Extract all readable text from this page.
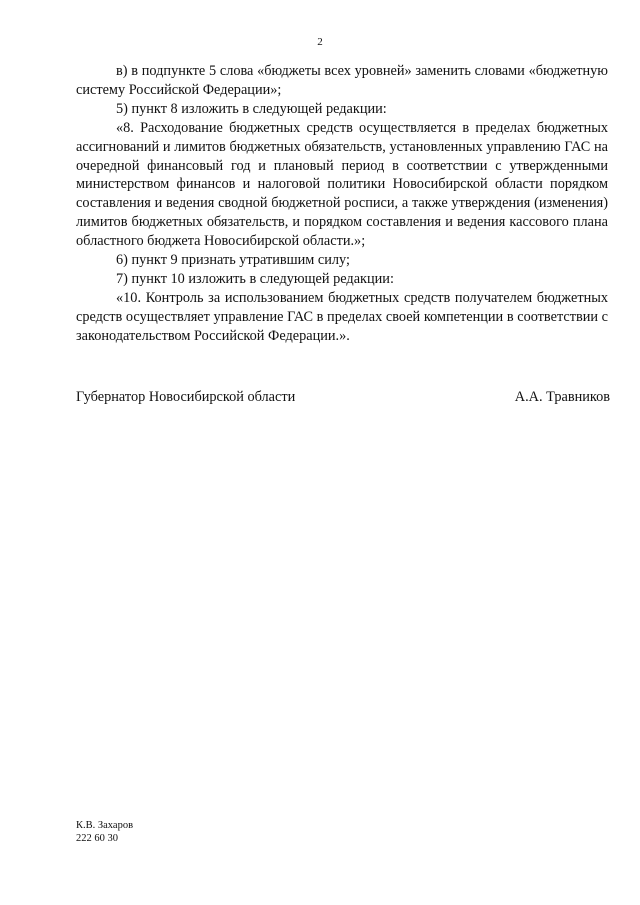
2

в) в подпункте 5 слова «бюджеты всех уровней» заменить словами «бюджетную систему Российской Федерации»;

5) пункт 8 изложить в следующей редакции:

«8. Расходование бюджетных средств осуществляется в пределах бюджетных ассигнований и лимитов бюджетных обязательств, установленных управлению ГАС на очередной финансовый год и плановый период в соответствии с утвержденными министерством финансов и налоговой политики Новосибирской области порядком составления и ведения сводной бюджетной росписи, а также утверждения (изменения) лимитов бюджетных обязательств, и порядком составления и ведения кассового плана областного бюджета Новосибирской области.»;

6) пункт 9 признать утратившим силу;

7) пункт 10 изложить в следующей редакции:

«10. Контроль за использованием бюджетных средств получателем бюджетных средств осуществляет управление ГАС в пределах своей компетенции в соответствии с законодательством Российской Федерации.».

Губернатор Новосибирской области	А.А. Травников
К.В. Захаров
222 60 30
